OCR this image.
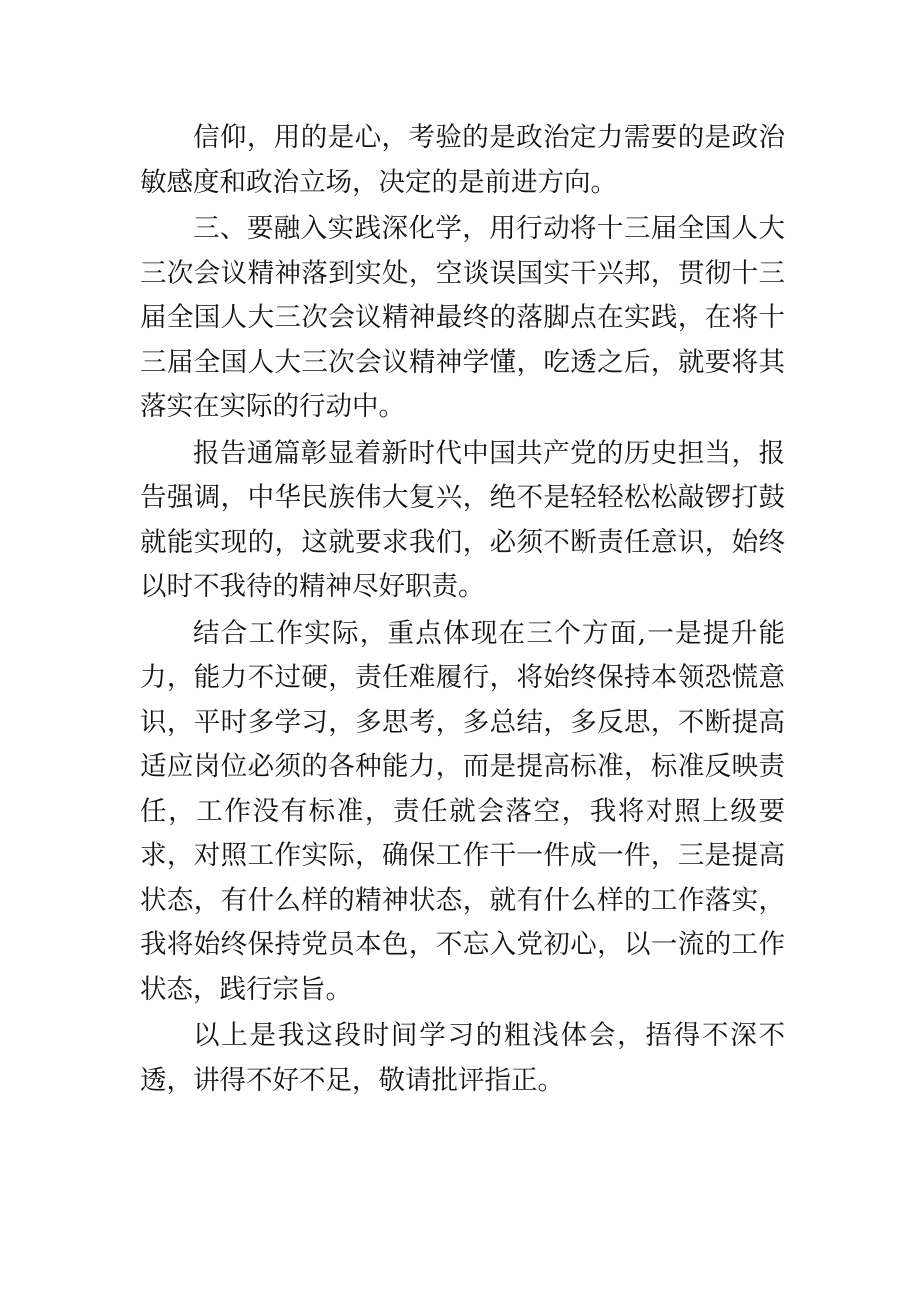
信仰，用的是心，考验的是政治定力需要的是政治敏感度和政治立场，决定的是前进方向。

三、要融入实践深化学，用行动将十三届全国人大三次会议精神落到实处，空谈误国实干兴邦，贯彻十三届全国人大三次会议精神最终的落脚点在实践，在将十三届全国人大三次会议精神学懂，吃透之后，就要将其落实在实际的行动中。

报告通篇彰显着新时代中国共产党的历史担当，报告强调，中华民族伟大复兴，绝不是轻轻松松敲锣打鼓就能实现的，这就要求我们，必须不断责任意识，始终以时不我待的精神尽好职责。

结合工作实际，重点体现在三个方面,一是提升能力，能力不过硬，责任难履行，将始终保持本领恐慌意识，平时多学习，多思考，多总结，多反思，不断提高适应岗位必须的各种能力，而是提高标准，标准反映责任，工作没有标准，责任就会落空，我将对照上级要求，对照工作实际，确保工作干一件成一件，三是提高状态，有什么样的精神状态，就有什么样的工作落实，我将始终保持党员本色，不忘入党初心，以一流的工作状态，践行宗旨。

以上是我这段时间学习的粗浅体会，捂得不深不透，讲得不好不足，敬请批评指正。
